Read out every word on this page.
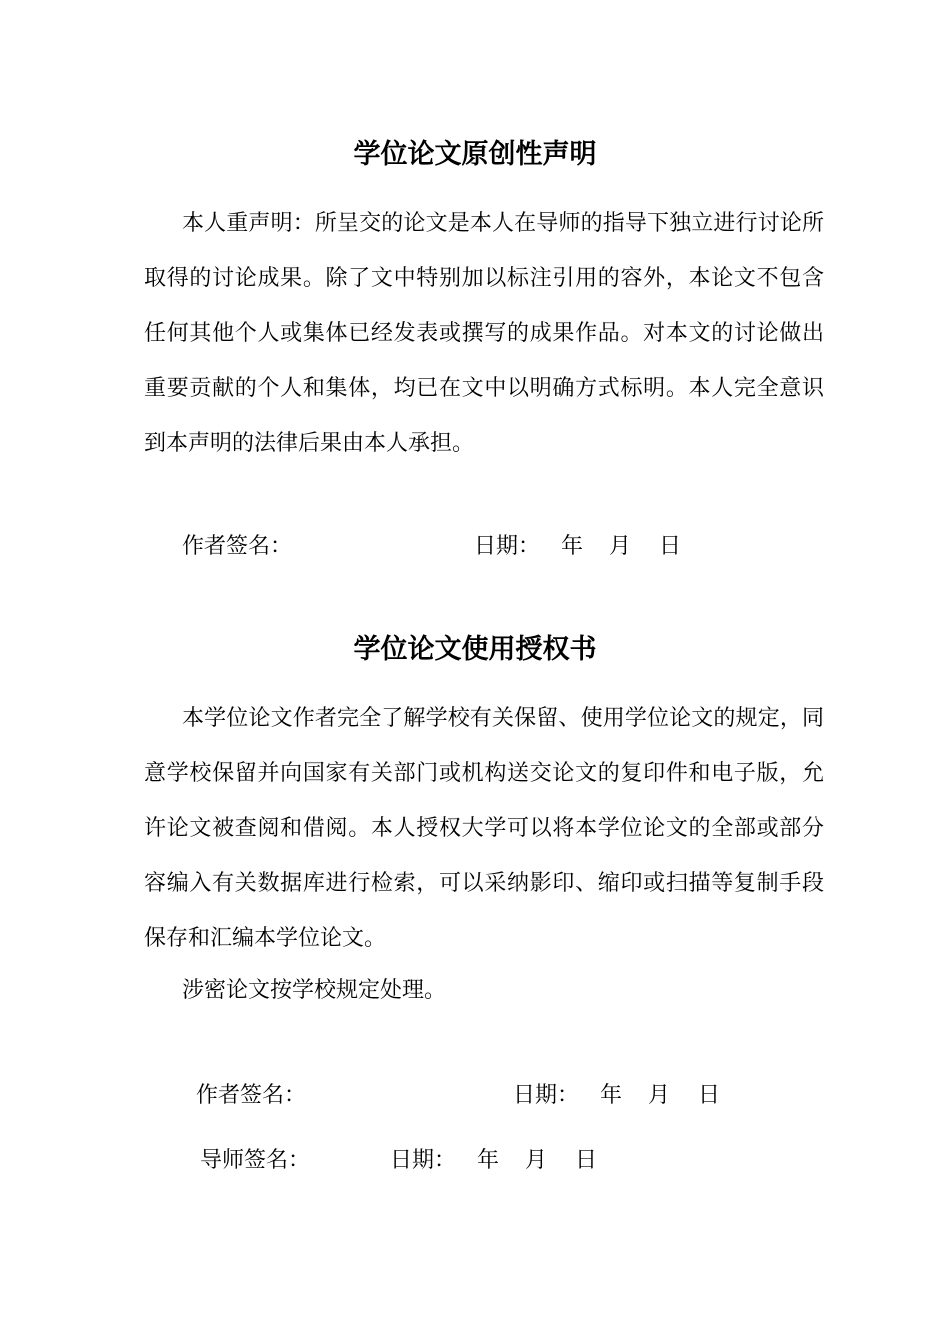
学位论文原创性声明

本人重声明：所呈交的论文是本人在导师的指导下独立进行讨论所取得的讨论成果。除了文中特别加以标注引用的容外，本论文不包含任何其他个人或集体已经发表或撰写的成果作品。对本文的讨论做出重要贡献的个人和集体，均已在文中以明确方式标明。本人完全意识到本声明的法律后果由本人承担。

作者签名：	日期： 年 月 日
学位论文使用授权书

本学位论文作者完全了解学校有关保留、使用学位论文的规定，同意学校保留并向国家有关部门或机构送交论文的复印件和电子版，允许论文被查阅和借阅。本人授权大学可以将本学位论文的全部或部分容编入有关数据库进行检索，可以采纳影印、缩印或扫描等复制手段保存和汇编本学位论文。

涉密论文按学校规定处理。
作者签名：	日期： 年 月 日
导师签名：	日期： 年 月 日
